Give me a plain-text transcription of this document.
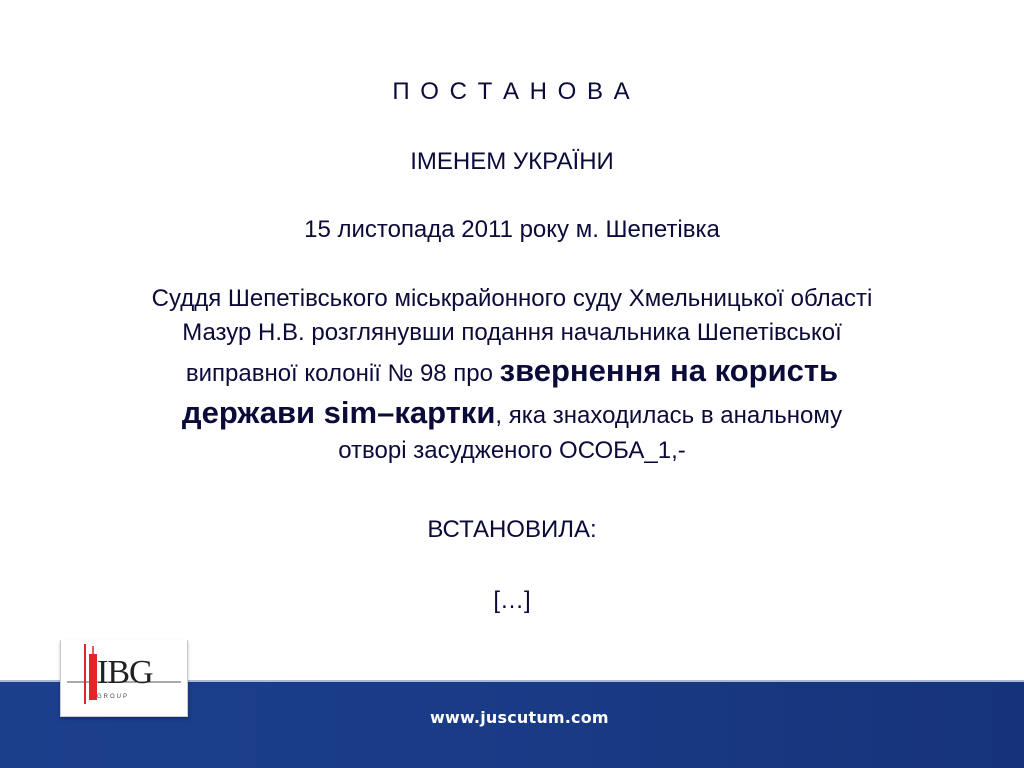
П О С Т А Н О В А
ІМЕНЕМ УКРАЇНИ
15 листопада 2011 року м. Шепетівка
Суддя Шепетівського міськрайонного суду Хмельницької області
Мазур Н.В. розглянувши подання начальника Шепетівської
виправної колонії № 98 про звернення на користь
держави sim–картки, яка знаходилась в анальному
отворі засудженого ОСОБА_1,-
ВСТАНОВИЛА:
[…]
www.juscutum.com
IBG
GROUP
